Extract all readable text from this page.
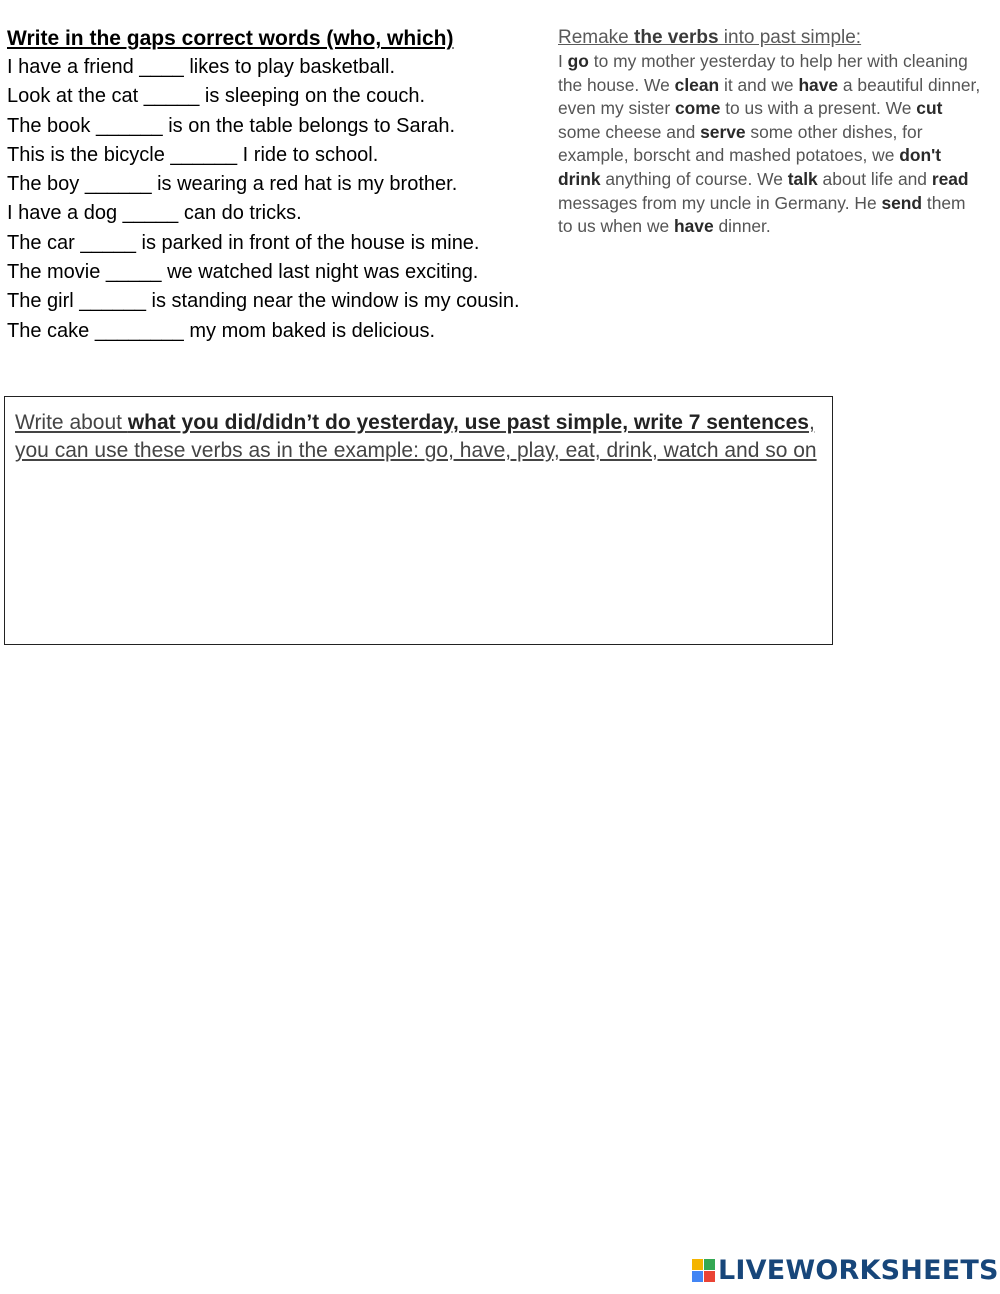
Write in the gaps correct words (who, which)

I have a friend ____ likes to play basketball.

Look at the cat _____ is sleeping on the couch.

The book ______ is on the table belongs to Sarah.

This is the bicycle ______ I ride to school.

The boy ______ is wearing a red hat is my brother.

I have a dog _____ can do tricks.

The car _____ is parked in front of the house is mine.

The movie _____ we watched last night was exciting.

The girl ______ is standing near the window is my cousin.

The cake ________ my mom baked is delicious.

Remake the verbs into past simple:
I go to my mother yesterday to help her with cleaning the house. We clean it and we have a beautiful dinner, even my sister come to us with a present. We cut some cheese and serve some other dishes, for example, borscht and mashed potatoes, we don't drink anything of course. We talk about life and read messages from my uncle in Germany. He send them to us when we have dinner.
Write about what you did/didn’t do yesterday, use past simple, write 7 sentences, you can use these verbs as in the example: go, have, play, eat, drink, watch and so on
LIVEWORKSHEETS
